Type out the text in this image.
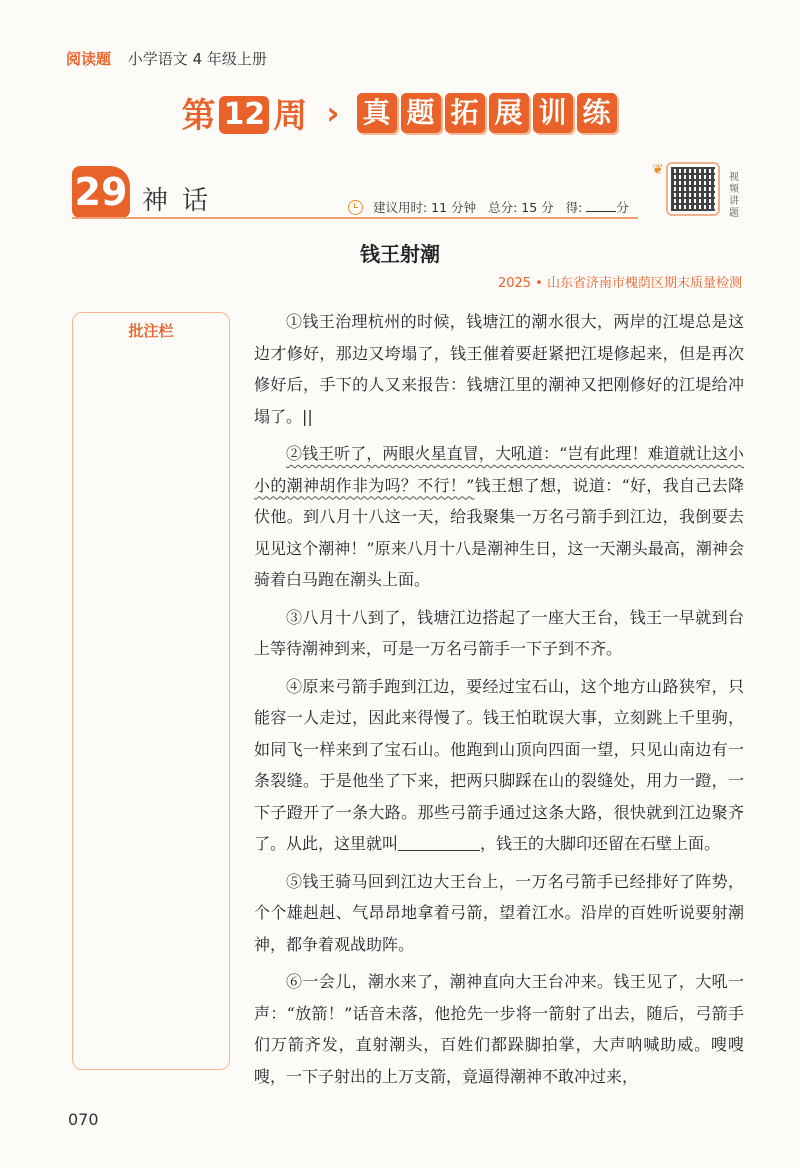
阅读题 小学语文 4 年级上册
第 12 周 › 真 题 拓 展 训 练
29 神话	建议用时: 11 分钟 总分: 15 分 得:	分
❦	视频讲题
钱王射潮
2025 • 山东省济南市槐荫区期末质量检测
批注栏	①钱王治理杭州的时候，钱塘江的潮水很大，两岸的江堤总是这边才修好，那边又垮塌了，钱王催着要赶紧把江堤修起来，但是再次修好后，手下的人又来报告：钱塘江里的潮神又把刚修好的江堤给冲塌了。||

②钱王听了，两眼火星直冒，大吼道：“岂有此理！难道就让这小小的潮神胡作非为吗？不行！”钱王想了想，说道：“好，我自己去降伏他。到八月十八这一天，给我聚集一万名弓箭手到江边，我倒要去见见这个潮神！”原来八月十八是潮神生日，这一天潮头最高，潮神会骑着白马跑在潮头上面。

③八月十八到了，钱塘江边搭起了一座大王台，钱王一早就到台上等待潮神到来，可是一万名弓箭手一下子到不齐。

④原来弓箭手跑到江边，要经过宝石山，这个地方山路狭窄，只能容一人走过，因此来得慢了。钱王怕耽误大事，立刻跳上千里驹，如同飞一样来到了宝石山。他跑到山顶向四面一望，只见山南边有一条裂缝。于是他坐了下来，把两只脚踩在山的裂缝处，用力一蹬，一下子蹬开了一条大路。那些弓箭手通过这条大路，很快就到江边聚齐了。从此，这里就叫	，钱王的大脚印还留在石壁上面。

⑤钱王骑马回到江边大王台上，一万名弓箭手已经排好了阵势，个个雄赳赳、气昂昂地拿着弓箭，望着江水。沿岸的百姓听说要射潮神，都争着观战助阵。

⑥一会儿，潮水来了，潮神直向大王台冲来。钱王见了，大吼一声：“放箭！”话音未落，他抢先一步将一箭射了出去，随后，弓箭手们万箭齐发，直射潮头，百姓们都跺脚拍掌，大声呐喊助威。嗖嗖嗖，一下子射出的上万支箭，竟逼得潮神不敢冲过来，

070
